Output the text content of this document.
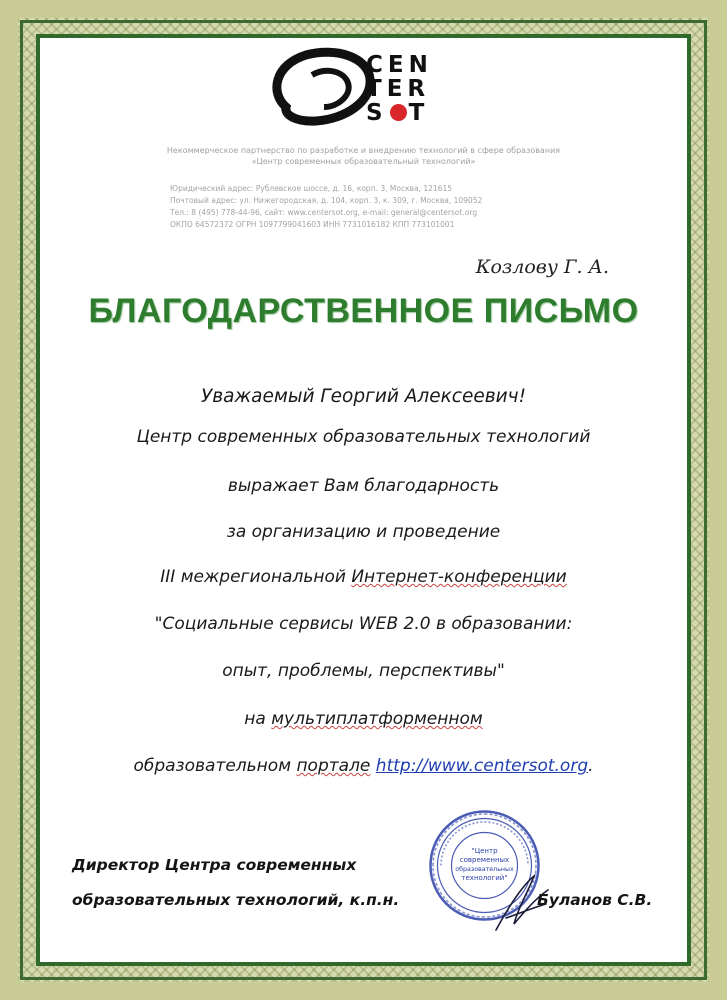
CEN
TER
S T
Некоммерческое партнерство по разработке и внедрению технологий в сфере образования
«Центр современных образовательный технологий»
Юридический адрес: Рублевское шоссе, д. 16, корп. 3, Москва, 121615
Почтовый адрес: ул. Нижегородская, д. 104, корп. 3, к. 309, г. Москва, 109052
Тел.: 8 (495) 778-44-96, сайт: www.centersot.org, e-mail: general@centersot.org
ОКПО 64572372 ОГРН 1097799041603 ИНН 7731016182 КПП 773101001
Козлову Г. А.
БЛАГОДАРСТВЕННОЕ ПИСЬМО
Уважаемый Георгий Алексеевич!
Центр современных образовательных технологий
выражает Вам благодарность
за организацию и проведение
III межрегиональной Интернет-конференции
"Социальные сервисы WEB 2.0 в образовании:
опыт, проблемы, перспективы"
на мультиплатформенном
образовательном портале http://www.centersot.org.
Директор Центра современных
образовательных технологий, к.п.н.
"Центр
современных
образовательных
технологий"
Буланов С.В.
